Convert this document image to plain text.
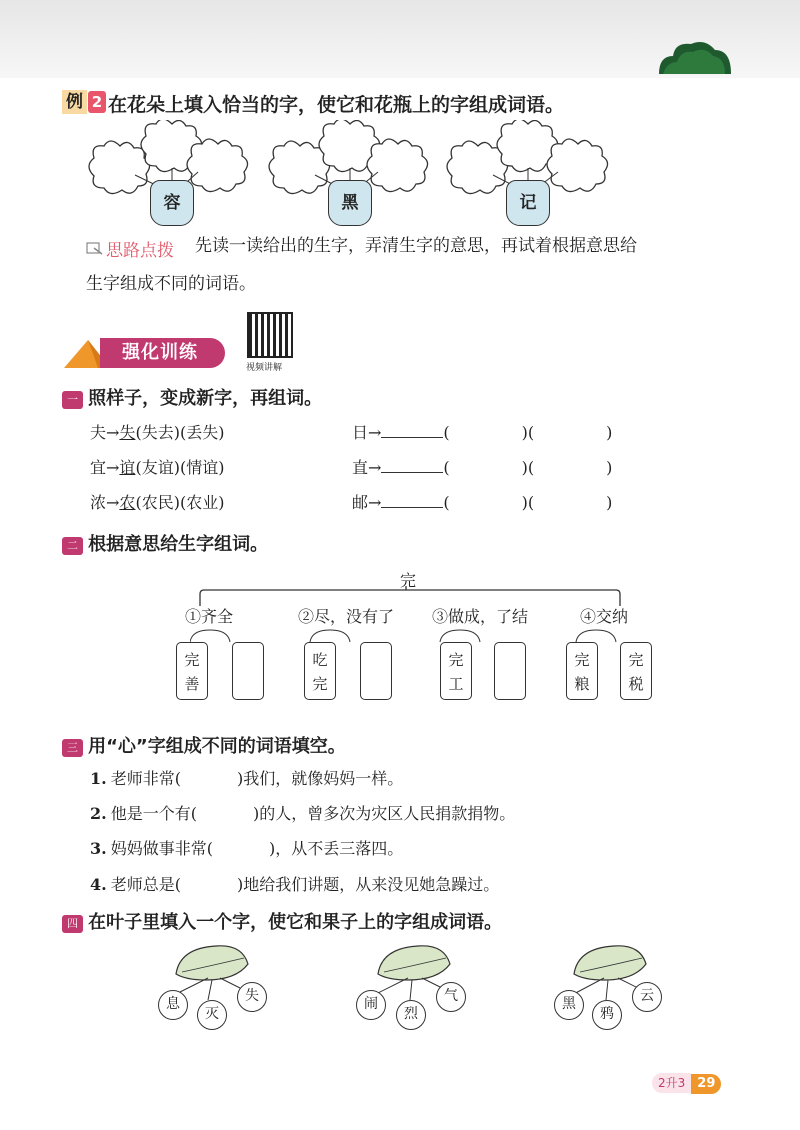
例 2 在花朵上填入恰当的字，使它和花瓶上的字组成词语。
容	黑	记
思路点拨 先读一读给出的生字，弄清生字的意思，再试着根据意思给
生字组成不同的词语。
强化训练
视频讲解
一 照样子，变成新字，再组词。
夫→失(失去)(丢失)
宜→谊(友谊)(情谊)
浓→农(农民)(农业)
日→	(	)(	)
直→	(	)(	)
邮→	(	)(	)
二 根据意思给生字组词。
完
①齐全	②尽，没有了 ③做成，了结	④交纳
完
善
吃
完
完
工
完
粮
完
税
三 用“心”字组成不同的词语填空。
1. 老师非常(	)我们，就像妈妈一样。
2. 他是一个有(	)的人，曾多次为灾区人民捐款捐物。
3. 妈妈做事非常(	)，从不丢三落四。
4. 老师总是(	)地给我们讲题，从来没见她急躁过。
四 在叶子里填入一个字，使它和果子上的字组成词语。
息
灭
失	闹
烈
气	黑
鸦
云
2升3 29
